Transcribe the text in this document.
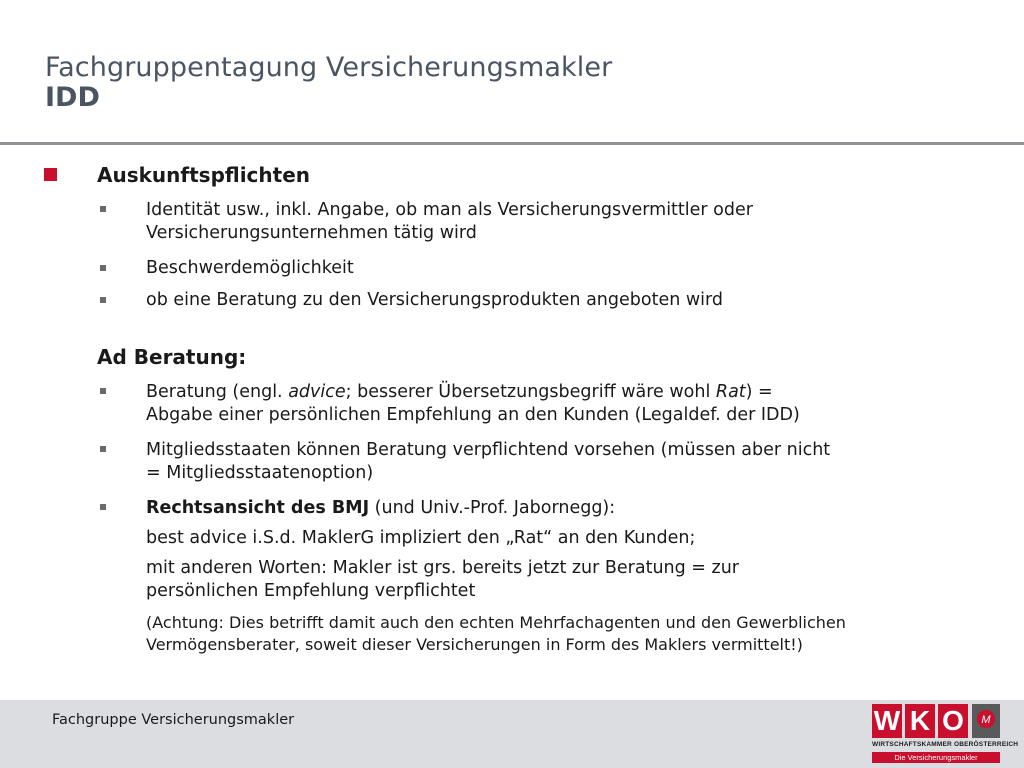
Fachgruppentagung Versicherungsmakler
IDD
Auskunftspflichten
Identität usw., inkl. Angabe, ob man als Versicherungsvermittler oder
Versicherungsunternehmen tätig wird
Beschwerdemöglichkeit
ob eine Beratung zu den Versicherungsprodukten angeboten wird
Ad Beratung:
Beratung (engl. advice; besserer Übersetzungsbegriff wäre wohl Rat) =
Abgabe einer persönlichen Empfehlung an den Kunden (Legaldef. der IDD)
Mitgliedsstaaten können Beratung verpflichtend vorsehen (müssen aber nicht
= Mitgliedsstaatenoption)
Rechtsansicht des BMJ (und Univ.-Prof. Jabornegg):
best advice i.S.d. MaklerG impliziert den „Rat“ an den Kunden;
mit anderen Worten: Makler ist grs. bereits jetzt zur Beratung = zur
persönlichen Empfehlung verpflichtet
(Achtung: Dies betrifft damit auch den echten Mehrfachagenten und den Gewerblichen
Vermögensberater, soweit dieser Versicherungen in Form des Maklers vermittelt!)
Fachgruppe Versicherungsmakler	W K O	M
WIRTSCHAFTSKAMMER OBERÖSTERREICH
Die Versicherungsmakler
